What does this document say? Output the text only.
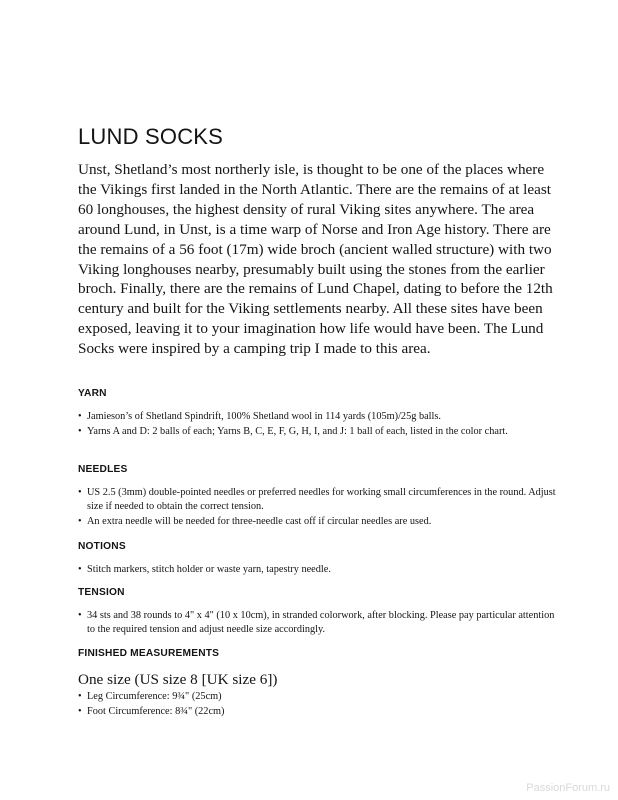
LUND SOCKS

Unst, Shetland’s most northerly isle, is thought to be one of the places where the Vikings first landed in the North Atlantic. There are the remains of at least 60 longhouses, the highest density of rural Viking sites anywhere. The area around Lund, in Unst, is a time warp of Norse and Iron Age history. There are the remains of a 56 foot (17m) wide broch (ancient walled structure) with two Viking longhouses nearby, presumably built using the stones from the earlier broch. Finally, there are the remains of Lund Chapel, dating to before the 12th century and built for the Viking settlements nearby. All these sites have been exposed, leaving it to your imagination how life would have been. The Lund Socks were inspired by a camping trip I made to this area.

YARN
• Jamieson’s of Shetland Spindrift, 100% Shetland wool in 114 yards (105m)/25g balls.
• Yarns A and D: 2 balls of each; Yarns B, C, E, F, G, H, I, and J: 1 ball of each, listed in the color chart.
NEEDLES
• US 2.5 (3mm) double-pointed needles or preferred needles for working small circumferences in the round. Adjust size if needed to obtain the correct tension.
• An extra needle will be needed for three-needle cast off if circular needles are used.
NOTIONS
• Stitch markers, stitch holder or waste yarn, tapestry needle.
TENSION
• 34 sts and 38 rounds to 4" x 4" (10 x 10cm), in stranded colorwork, after blocking. Please pay particular attention to the required tension and adjust needle size accordingly.
FINISHED MEASUREMENTS

One size (US size 8 [UK size 6])

• Leg Circumference: 9¾" (25cm)
• Foot Circumference: 8¾" (22cm)
PassionForum.ru
